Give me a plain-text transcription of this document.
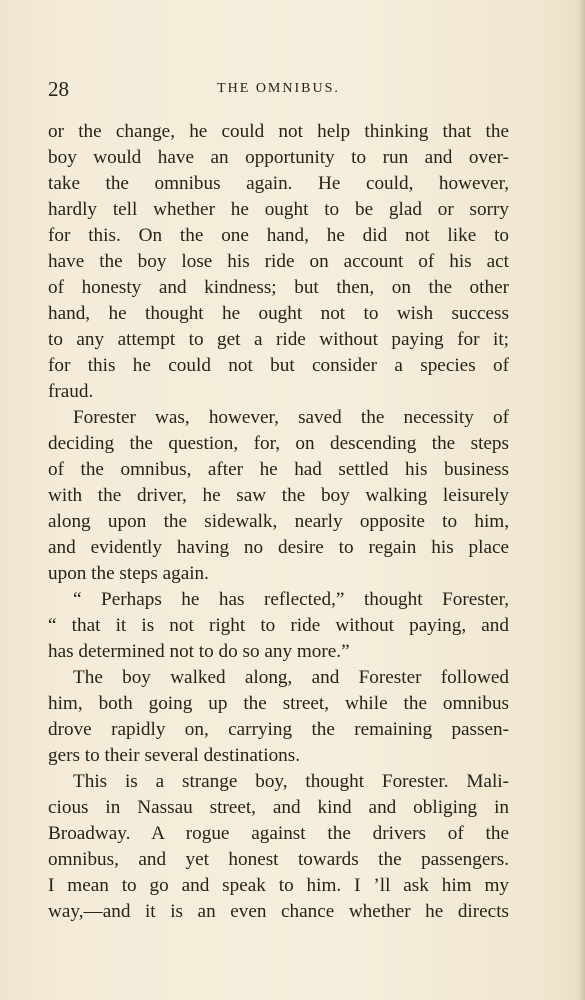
28	THE OMNIBUS.
or the change, he could not help thinking that the
boy would have an opportunity to run and over-
take the omnibus again. He could, however,
hardly tell whether he ought to be glad or sorry
for this. On the one hand, he did not like to
have the boy lose his ride on account of his act
of honesty and kindness; but then, on the other
hand, he thought he ought not to wish success
to any attempt to get a ride without paying for it;
for this he could not but consider a species of
fraud.
Forester was, however, saved the necessity of
deciding the question, for, on descending the steps
of the omnibus, after he had settled his business
with the driver, he saw the boy walking leisurely
along upon the sidewalk, nearly opposite to him,
and evidently having no desire to regain his place
upon the steps again.
“ Perhaps he has reflected,” thought Forester,
“ that it is not right to ride without paying, and
has determined not to do so any more.”
The boy walked along, and Forester followed
him, both going up the street, while the omnibus
drove rapidly on, carrying the remaining passen-
gers to their several destinations.
This is a strange boy, thought Forester. Mali-
cious in Nassau street, and kind and obliging in
Broadway. A rogue against the drivers of the
omnibus, and yet honest towards the passengers.
I mean to go and speak to him. I ’ll ask him my
way,—and it is an even chance whether he directs
